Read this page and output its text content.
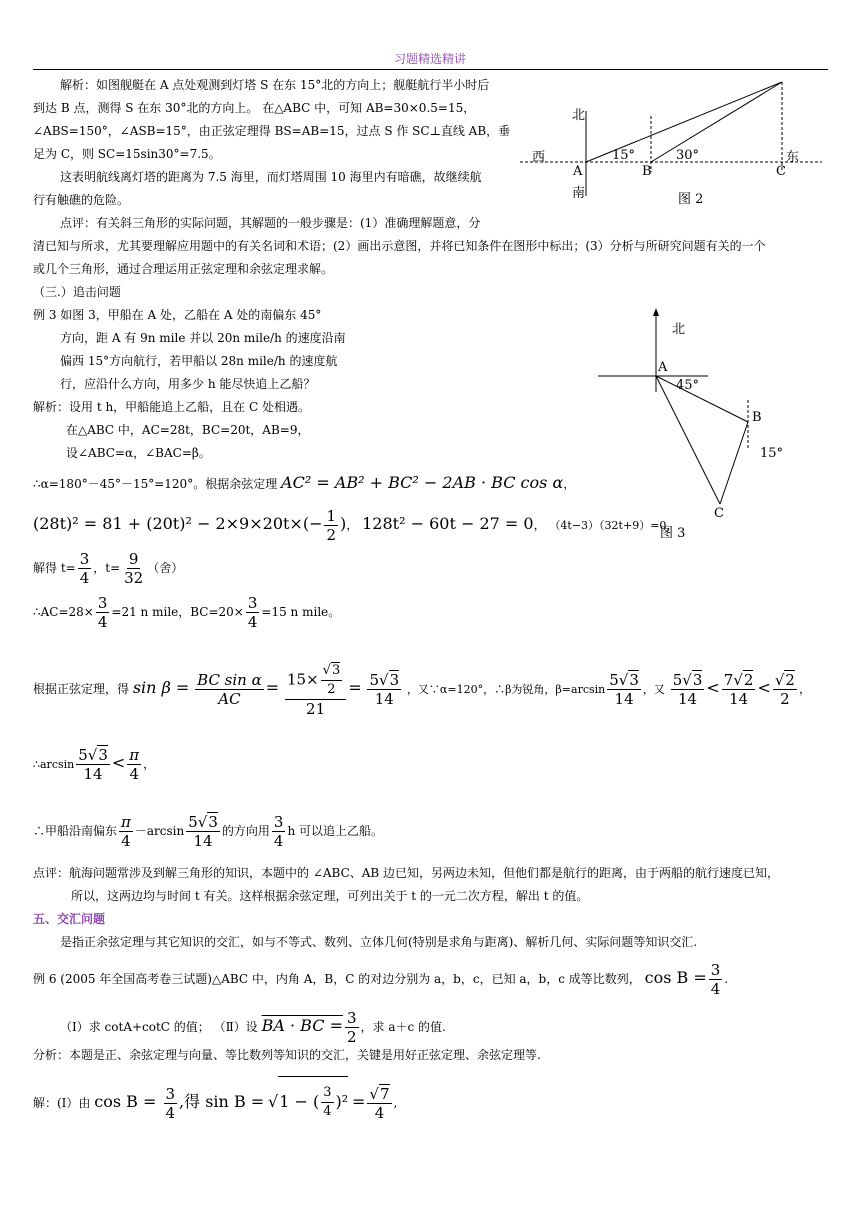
习题精选精讲
解析：如图舰艇在 A 点处观测到灯塔 S 在东 15°北的方向上；舰艇航行半小时后
到达 B 点，测得 S 在东 30°北的方向上。 在△ABC 中，可知 AB=30×0.5=15，
∠ABS=150°，∠ASB=15°，由正弦定理得 BS=AB=15，过点 S 作 SC⊥直线 AB，垂
足为 C，则 SC=15sin30°=7.5。
这表明航线离灯塔的距离为 7.5 海里，而灯塔周围 10 海里内有暗礁，故继续航
行有触礁的危险。
点评：有关斜三角形的实际问题，其解题的一般步骤是：(1）准确理解题意，分
清已知与所求，尤其要理解应用题中的有关名词和术语；(2）画出示意图，并将已知条件在图形中标出；(3）分析与所研究问题有关的一个
或几个三角形，通过合理运用正弦定理和余弦定理求解。
（三.）追击问题
例 3 如图 3，甲船在 A 处，乙船在 A 处的南偏东 45°
方向，距 A 有 9n mile 并以 20n mile/h 的速度沿南
偏西 15°方向航行，若甲船以 28n mile/h 的速度航
行，应沿什么方向，用多少 h 能尽快追上乙船？
解析：设用 t h，甲船能追上乙船，且在 C 处相遇。
在△ABC 中，AC=28t，BC=20t，AB=9，
设∠ABC=α，∠BAC=β。
∴α=180°－45°－15°=120°。根据余弦定理 AC² = AB² + BC² − 2AB · BC cos α，
$(28t)^2 = 81 + (20t)^2 - 2\times 9\times 20t\times(- \frac{1}{2}$ )， 128t² − 60t − 27 = 0， （4t−3）（32t+9）=0，
解得 $t= \frac{3}{4}$ ，$t= \frac{9}{32}$ （舍）
∴AC=28× $\frac{3}{4} =21$ n mile，$BC=20\times \frac{3}{4} =15$ n mile。
根据正弦定理，得 $\sin \beta = \frac{\text{BC sin α}}{AC} = \frac{15\times \frac{√3}{2}}{21} = \frac{5√3}{14}$ ，又∵α=120°，∴β为锐角，$\beta=\arcsin \frac{5√3}{14}$ ，又 $\frac{5√3}{14} < \frac{7√2}{14} < \frac{√2}{2}$ ，
∴arcsin $\frac{5√3}{14} < \frac{\pi}{4}$ ，
∴甲船沿南偏东 $\frac{\pi}{4} -\arcsin \frac{5√3}{14}$ 的方向用 $\frac{3}{4}$ h 可以追上乙船。
点评：航海问题常涉及到解三角形的知识，本题中的 ∠ABC、AB 边已知，另两边未知，但他们都是航行的距离，由于两船的航行速度已知，
所以，这两边均与时间 t 有关。这样根据余弦定理，可列出关于 t 的一元二次方程，解出 t 的值。
五、交汇问题
是指正余弦定理与其它知识的交汇，如与不等式、数列、立体几何(特别是求角与距离)、解析几何、实际问题等知识交汇.
例 6 (2005 年全国高考卷三试题)△ABC 中，内角 A，B，C 的对边分别为 a，b，c，已知 a，b，c 成等比数列， $\cos B = \frac{3}{4}$ .
（Ⅰ）求 cotA+cotC 的值； （Ⅱ）设 BA · BC = $\frac{3}{2}$ ，求 a＋c 的值.
分析：本题是正、余弦定理与向量、等比数列等知识的交汇，关键是用好正弦定理、余弦定理等.
解：(Ⅰ）由 $\cos B = \frac{3}{4}$ ,得 sin B = √1 − ( $\frac{3}{4} )^2 = \frac{√7}{4}$ ,
北
西	东
南
A	B	C
15°	30°
图 2
北
A
B
C
45°
15°
图 3
